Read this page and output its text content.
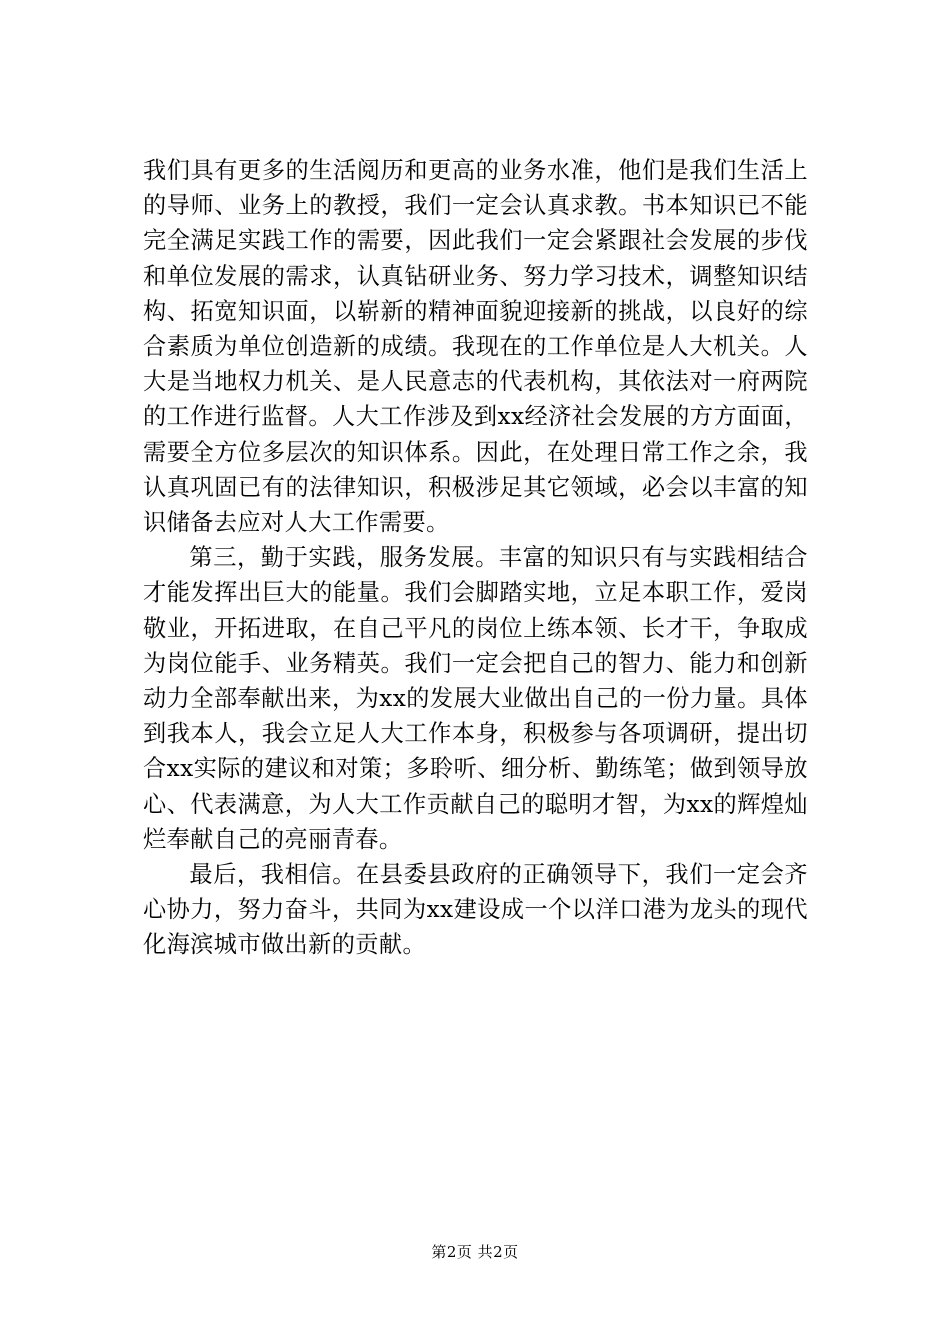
我们具有更多的生活阅历和更高的业务水准，他们是我们生活上的导师、业务上的教授，我们一定会认真求教。书本知识已不能完全满足实践工作的需要，因此我们一定会紧跟社会发展的步伐和单位发展的需求，认真钻研业务、努力学习技术，调整知识结构、拓宽知识面，以崭新的精神面貌迎接新的挑战，以良好的综合素质为单位创造新的成绩。我现在的工作单位是人大机关。人大是当地权力机关、是人民意志的代表机构，其依法对一府两院的工作进行监督。人大工作涉及到xx经济社会发展的方方面面，需要全方位多层次的知识体系。因此，在处理日常工作之余，我认真巩固已有的法律知识，积极涉足其它领域，必会以丰富的知识储备去应对人大工作需要。

第三，勤于实践，服务发展。丰富的知识只有与实践相结合才能发挥出巨大的能量。我们会脚踏实地，立足本职工作，爱岗敬业，开拓进取，在自己平凡的岗位上练本领、长才干，争取成为岗位能手、业务精英。我们一定会把自己的智力、能力和创新动力全部奉献出来，为xx的发展大业做出自己的一份力量。具体到我本人，我会立足人大工作本身，积极参与各项调研，提出切合xx实际的建议和对策；多聆听、细分析、勤练笔；做到领导放心、代表满意，为人大工作贡献自己的聪明才智，为xx的辉煌灿烂奉献自己的亮丽青春。

最后，我相信。在县委县政府的正确领导下，我们一定会齐心协力，努力奋斗，共同为xx建设成一个以洋口港为龙头的现代化海滨城市做出新的贡献。

第2页 共2页
